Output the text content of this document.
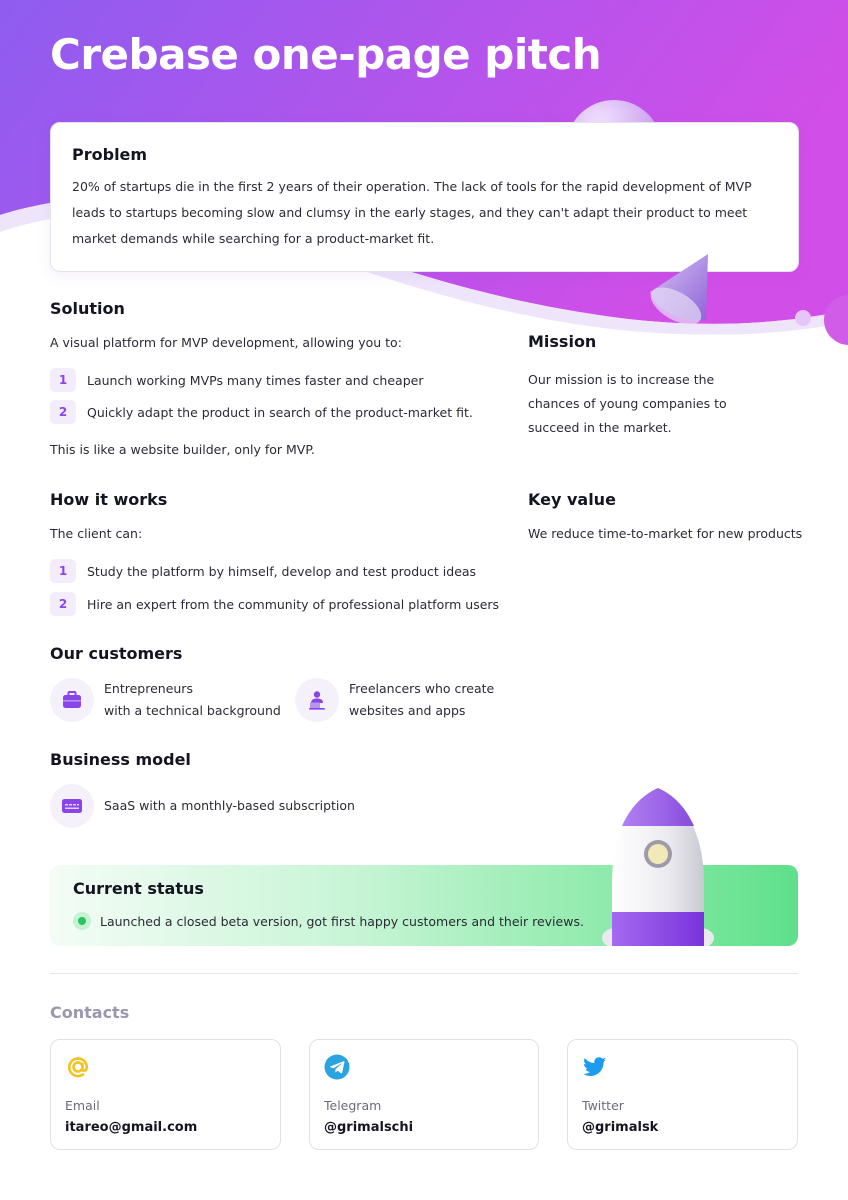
Crebase one-page pitch
Problem

20% of startups die in the first 2 years of their operation. The lack of tools for the rapid development of MVP leads to startups becoming slow and clumsy in the early stages, and they can't adapt their product to meet market demands while searching for a product-market fit.

Solution
A visual platform for MVP development, allowing you to:
1	Launch working MVPs many times faster and cheaper
2	Quickly adapt the product in search of the product-market fit.
This is like a website builder, only for MVP.
Mission

Our mission is to increase the chances of young companies to succeed in the market.

How it works
The client can:
1	Study the platform by himself, develop and test product ideas
2	Hire an expert from the community of professional platform users
Key value
We reduce time-to-market for new products
Our customers
Entrepreneurs
with a technical background
Freelancers who create
websites and apps
Business model
SaaS with a monthly-based subscription
Current status
Launched a closed beta version, got first happy customers and their reviews.
Contacts
Email
itareo@gmail.com
Telegram
@grimalschi
Twitter
@grimalsk
